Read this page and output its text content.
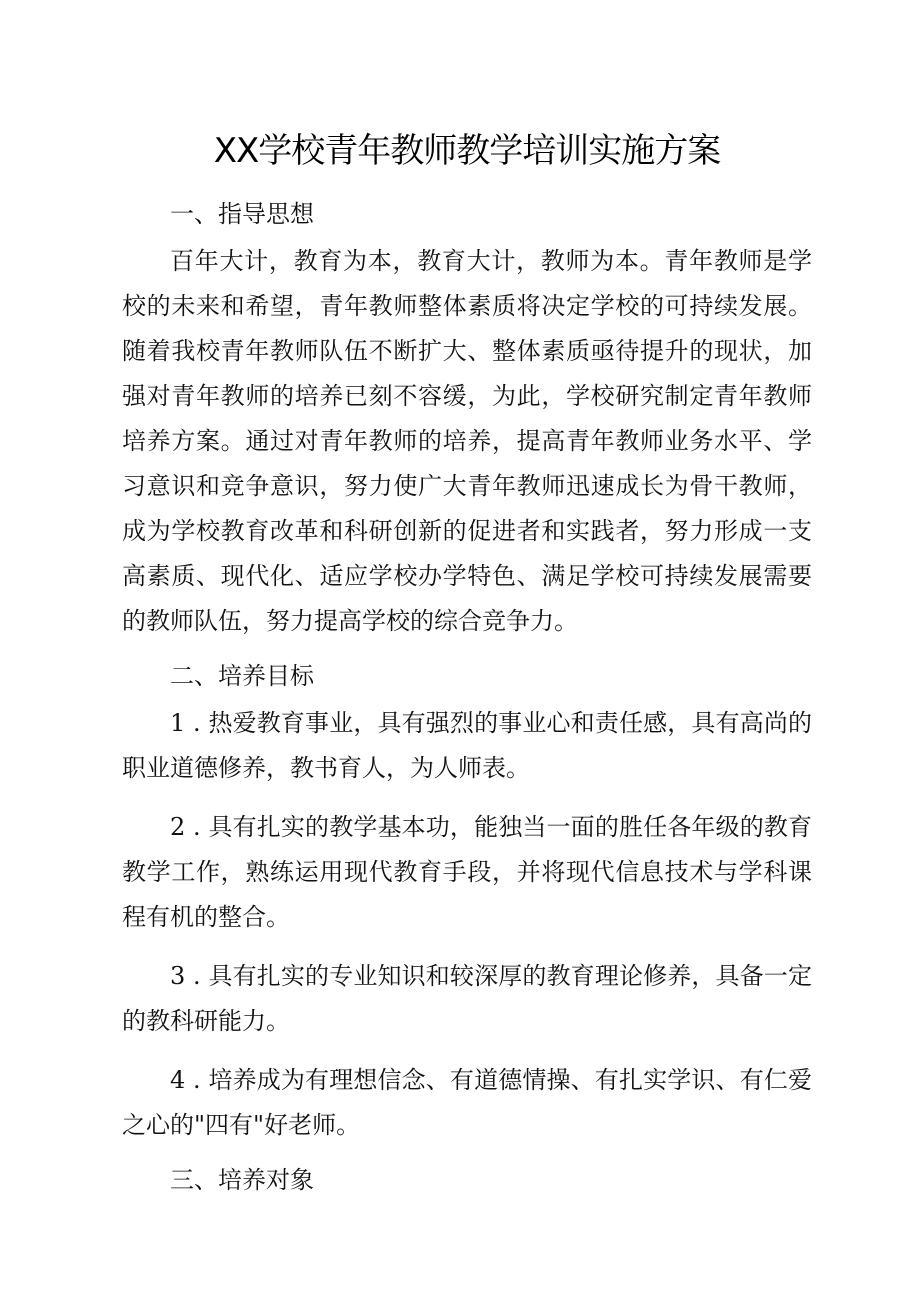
XX学校青年教师教学培训实施方案

一、指导思想

百年大计，教育为本，教育大计，教师为本。青年教师是学校的未来和希望，青年教师整体素质将决定学校的可持续发展。随着我校青年教师队伍不断扩大、整体素质亟待提升的现状，加强对青年教师的培养已刻不容缓，为此，学校研究制定青年教师培养方案。通过对青年教师的培养，提高青年教师业务水平、学习意识和竞争意识，努力使广大青年教师迅速成长为骨干教师，成为学校教育改革和科研创新的促进者和实践者，努力形成一支高素质、现代化、适应学校办学特色、满足学校可持续发展需要的教师队伍，努力提高学校的综合竞争力。

二、培养目标

1 . 热爱教育事业，具有强烈的事业心和责任感，具有高尚的职业道德修养，教书育人，为人师表。

2 . 具有扎实的教学基本功，能独当一面的胜任各年级的教育教学工作，熟练运用现代教育手段，并将现代信息技术与学科课程有机的整合。

3 . 具有扎实的专业知识和较深厚的教育理论修养，具备一定的教科研能力。

4 . 培养成为有理想信念、有道德情操、有扎实学识、有仁爱之心的"四有"好老师。

三、培养对象
